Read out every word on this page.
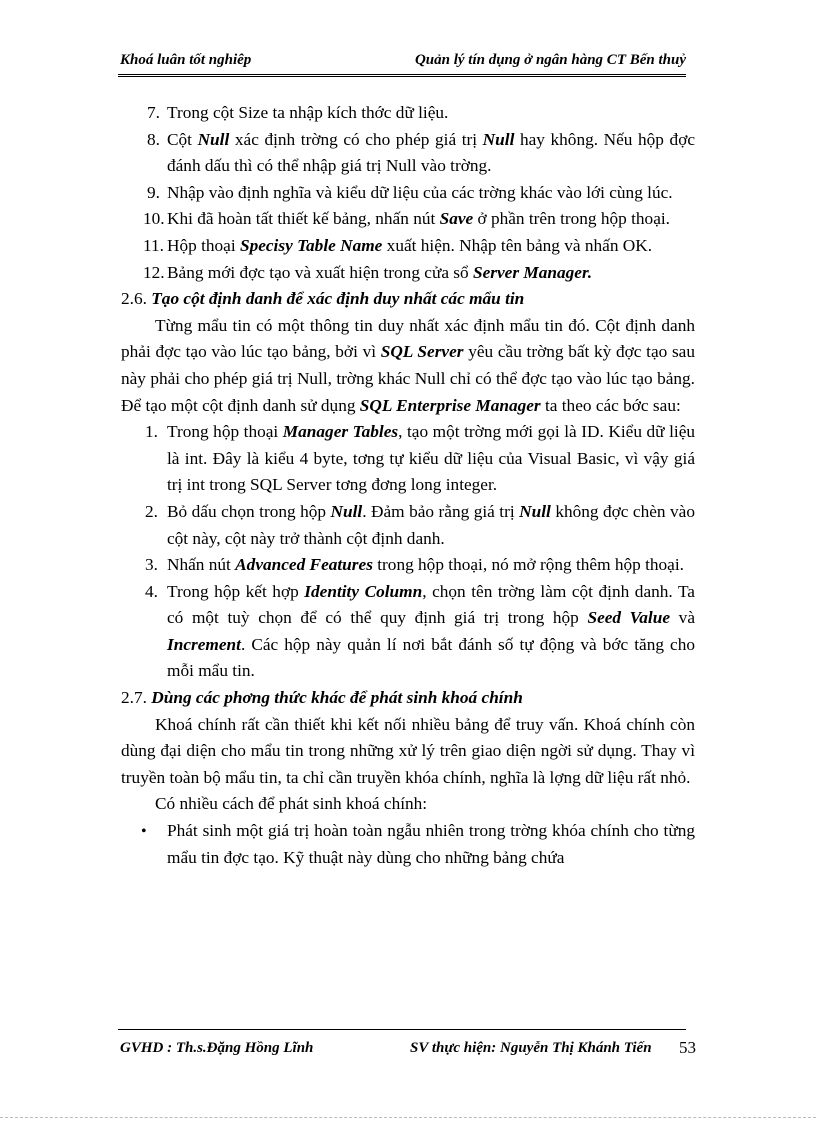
Khoá luân tốt nghiêp	Quản lý tín dụng ở ngân hàng CT Bến thuỷ
7. Trong cột Size ta nhập kích thớc dữ liệu.
8. Cột Null xác định trờng có cho phép giá trị Null hay không. Nếu hộp đợc đánh dấu thì có thể nhập giá trị Null vào trờng.
9. Nhập vào định nghĩa và kiểu dữ liệu của các trờng khác vào lới cùng lúc.
10. Khi đã hoàn tất thiết kế bảng, nhấn nút Save ở phần trên trong hộp thoại.
11. Hộp thoại Specisy Table Name xuất hiện. Nhập tên bảng và nhấn OK.
12. Bảng mới đợc tạo và xuất hiện trong cửa sổ Server Manager.

2.6. Tạo cột định danh để xác định duy nhất các mẩu tin

Từng mẩu tin có một thông tin duy nhất xác định mẩu tin đó. Cột định danh phải đợc tạo vào lúc tạo bảng, bởi vì SQL Server yêu cầu trờng bất kỳ đợc tạo sau này phải cho phép giá trị Null, trờng khác Null chỉ có thể đợc tạo vào lúc tạo bảng. Để tạo một cột định danh sử dụng SQL Enterprise Manager ta theo các bớc sau:

1. Trong hộp thoại Manager Tables, tạo một trờng mới gọi là ID. Kiểu dữ liệu là int. Đây là kiểu 4 byte, tơng tự kiểu dữ liệu của Visual Basic, vì vậy giá trị int trong SQL Server tơng đơng long integer.
2. Bỏ dấu chọn trong hộp Null. Đảm bảo rằng giá trị Null không đợc chèn vào cột này, cột này trở thành cột định danh.
3. Nhấn nút Advanced Features trong hộp thoại, nó mở rộng thêm hộp thoại.
4. Trong hộp kết hợp Identity Column, chọn tên trờng làm cột định danh. Ta có một tuỳ chọn để có thể quy định giá trị trong hộp Seed Value và Increment. Các hộp này quản lí nơi bắt đánh số tự động và bớc tăng cho mỗi mẩu tin.

2.7. Dùng các phơng thức khác để phát sinh khoá chính

Khoá chính rất cần thiết khi kết nối nhiều bảng để truy vấn. Khoá chính còn dùng đại diện cho mẩu tin trong những xử lý trên giao diện ngời sử dụng. Thay vì truyền toàn bộ mẩu tin, ta chỉ cần truyền khóa chính, nghĩa là lợng dữ liệu rất nhỏ.

Có nhiều cách để phát sinh khoá chính:

• Phát sinh một giá trị hoàn toàn ngẫu nhiên trong trờng khóa chính cho từng mẩu tin đợc tạo. Kỹ thuật này dùng cho những bảng chứa
GVHD : Th.s.Đặng Hồng Lĩnh	SV thực hiện: Nguyễn Thị Khánh Tiến 53
